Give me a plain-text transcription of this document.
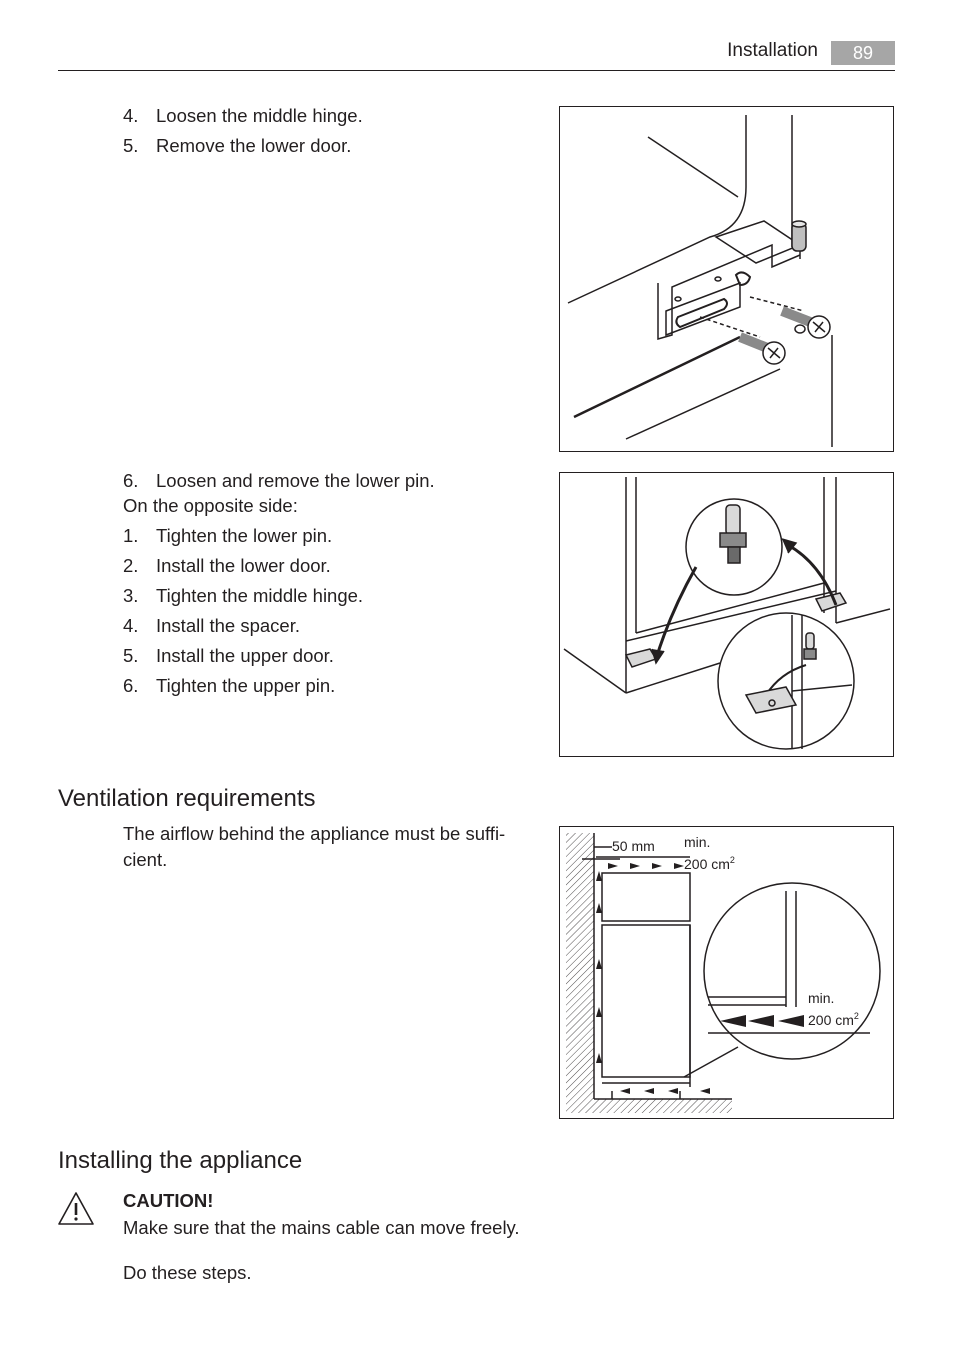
Installation	89
4. Loosen the middle hinge.
5. Remove the lower door.
6. Loosen and remove the lower pin.
On the opposite side:
1. Tighten the lower pin.
2. Install the lower door.
3. Tighten the middle hinge.
4. Install the spacer.
5. Install the upper door.
6. Tighten the upper pin.
Ventilation requirements
The airflow behind the appliance must be suffi-
cient.
50 mm min.
200 $cm^2$
min.
200 $cm^2$
Installing the appliance
CAUTION!
Make sure that the mains cable can move freely.
Do these steps.
